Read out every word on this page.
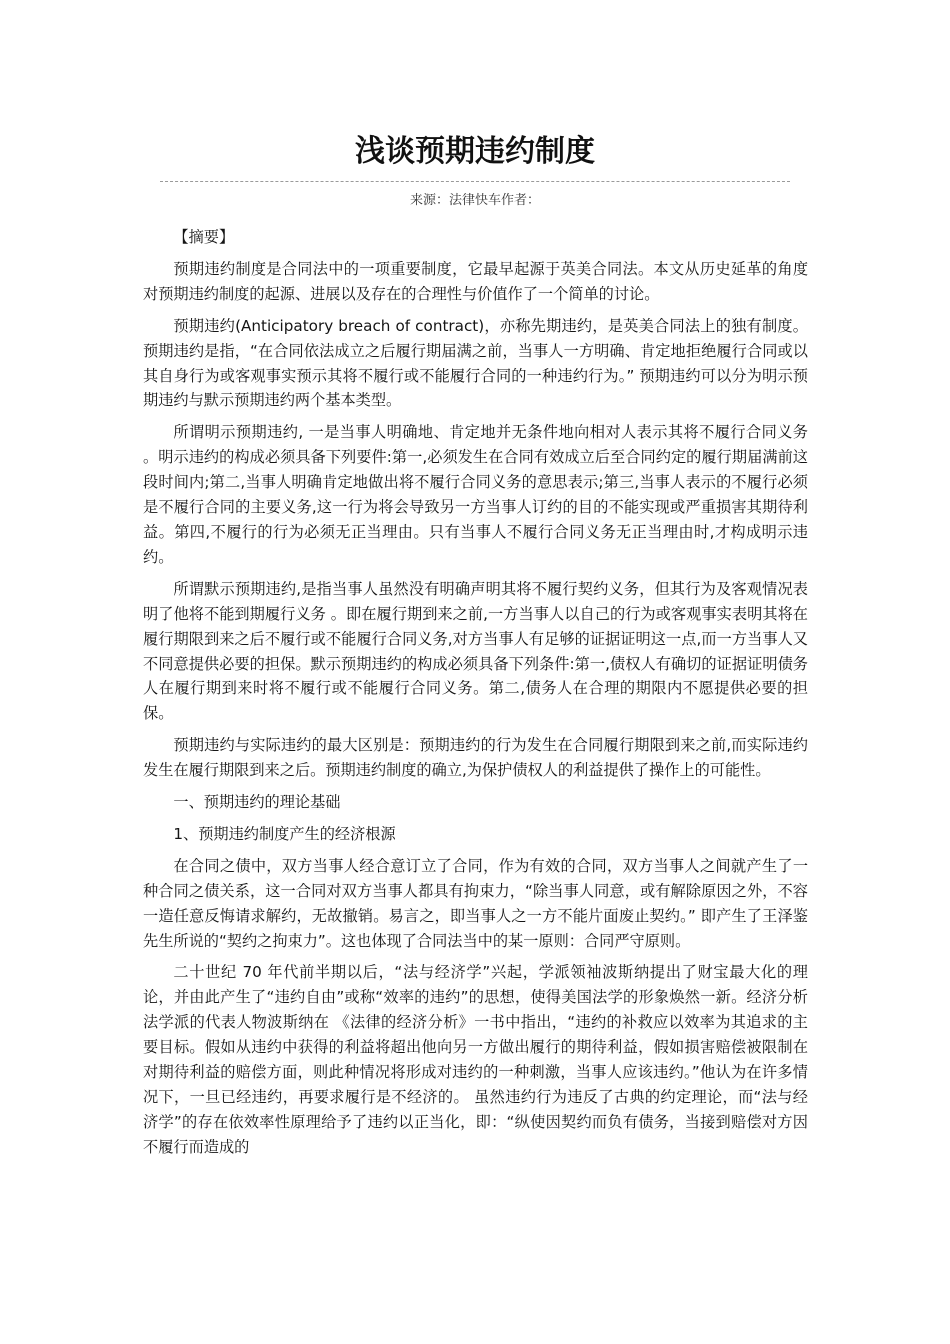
浅谈预期违约制度
来源：法律快车作者：

【摘要】

预期违约制度是合同法中的一项重要制度，它最早起源于英美合同法。本文从历史延革的角度对预期违约制度的起源、进展以及存在的合理性与价值作了一个简单的讨论。

预期违约(Anticipatory breach of contract)，亦称先期违约，是英美合同法上的独有制度。预期违约是指，“在合同依法成立之后履行期届满之前，当事人一方明确、肯定地拒绝履行合同或以其自身行为或客观事实预示其将不履行或不能履行合同的一种违约行为。” 预期违约可以分为明示预期违约与默示预期违约两个基本类型。

所谓明示预期违约, 一是当事人明确地、肯定地并无条件地向相对人表示其将不履行合同义务 。明示违约的构成必须具备下列要件:第一,必须发生在合同有效成立后至合同约定的履行期届满前这段时间内;第二,当事人明确肯定地做出将不履行合同义务的意思表示;第三,当事人表示的不履行必须是不履行合同的主要义务,这一行为将会导致另一方当事人订约的目的不能实现或严重损害其期待利益。第四,不履行的行为必须无正当理由。只有当事人不履行合同义务无正当理由时,才构成明示违约。

所谓默示预期违约,是指当事人虽然没有明确声明其将不履行契约义务，但其行为及客观情况表明了他将不能到期履行义务 。即在履行期到来之前,一方当事人以自己的行为或客观事实表明其将在履行期限到来之后不履行或不能履行合同义务,对方当事人有足够的证据证明这一点,而一方当事人又不同意提供必要的担保。默示预期违约的构成必须具备下列条件:第一,债权人有确切的证据证明债务人在履行期到来时将不履行或不能履行合同义务。第二,债务人在合理的期限内不愿提供必要的担保。

预期违约与实际违约的最大区别是：预期违约的行为发生在合同履行期限到来之前,而实际违约发生在履行期限到来之后。预期违约制度的确立,为保护债权人的利益提供了操作上的可能性。

一、预期违约的理论基础

1、预期违约制度产生的经济根源

在合同之债中，双方当事人经合意订立了合同，作为有效的合同，双方当事人之间就产生了一种合同之债关系，这一合同对双方当事人都具有拘束力，“除当事人同意，或有解除原因之外，不容一造任意反悔请求解约，无故撤销。易言之，即当事人之一方不能片面废止契约。” 即产生了王泽鉴先生所说的“契约之拘束力”。这也体现了合同法当中的某一原则：合同严守原则。

二十世纪 70 年代前半期以后，“法与经济学”兴起，学派领袖波斯纳提出了财宝最大化的理论，并由此产生了“违约自由”或称“效率的违约”的思想，使得美国法学的形象焕然一新。经济分析法学派的代表人物波斯纳在 《法律的经济分析》一书中指出，“违约的补救应以效率为其追求的主要目标。假如从违约中获得的利益将超出他向另一方做出履行的期待利益，假如损害赔偿被限制在对期待利益的赔偿方面，则此种情况将形成对违约的一种刺激，当事人应该违约。”他认为在许多情况下，一旦已经违约，再要求履行是不经济的。 虽然违约行为违反了古典的约定理论，而“法与经济学”的存在依效率性原理给予了违约以正当化，即：“纵使因契约而负有债务，当接到赔偿对方因不履行而造成的
